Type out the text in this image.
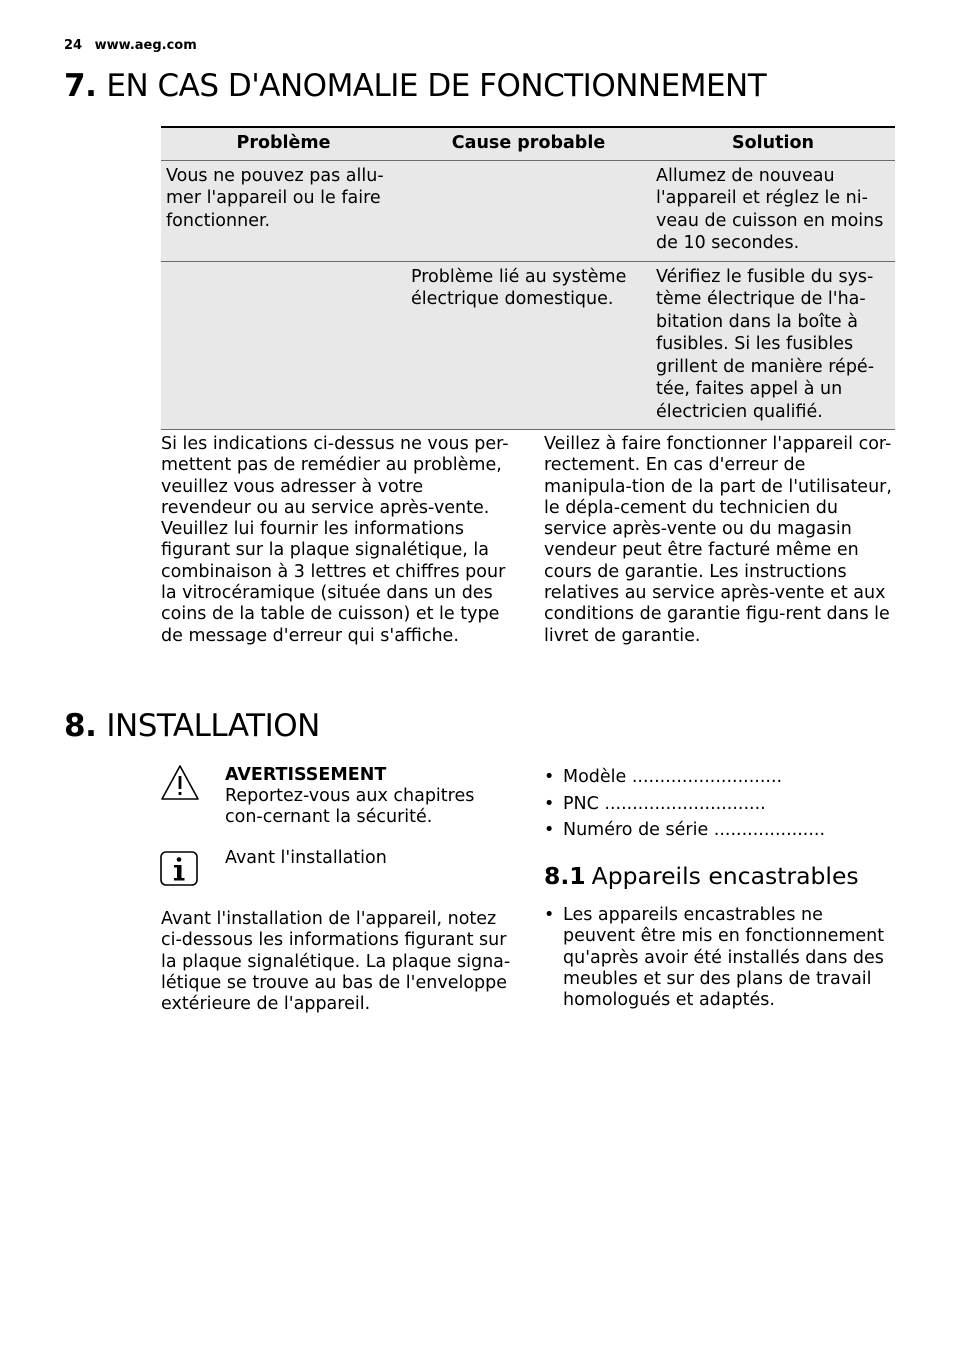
24 www.aeg.com
7. EN CAS D'ANOMALIE DE FONCTIONNEMENT
Problème	Cause probable	Solution
Vous ne pouvez pas allu-mer l'appareil ou le faire fonctionner.		Allumez de nouveau l'appareil et réglez le ni-veau de cuisson en moins de 10 secondes.
	Problème lié au système électrique domestique.	Vérifiez le fusible du sys-tème électrique de l'ha-bitation dans la boîte à fusibles. Si les fusibles grillent de manière répé-tée, faites appel à un électricien qualifié.
Si les indications ci-dessus ne vous per-mettent pas de remédier au problème, veuillez vous adresser à votre revendeur ou au service après-vente. Veuillez lui fournir les informations figurant sur la plaque signalétique, la combinaison à 3 lettres et chiffres pour la vitrocéramique (située dans un des coins de la table de cuisson) et le type de message d'erreur qui s'affiche.
Veillez à faire fonctionner l'appareil cor-rectement. En cas d'erreur de manipula-tion de la part de l'utilisateur, le dépla-cement du technicien du service après-vente ou du magasin vendeur peut être facturé même en cours de garantie. Les instructions relatives au service après-vente et aux conditions de garantie figu-rent dans le livret de garantie.
8. INSTALLATION
AVERTISSEMENT
Reportez-vous aux chapitres con-cernant la sécurité.
Avant l'installation
Avant l'installation de l'appareil, notez ci-dessous les informations figurant sur la plaque signalétique. La plaque signa-létique se trouve au bas de l'enveloppe extérieure de l'appareil.
• Modèle ...........................
• PNC .............................
• Numéro de série ....................
8.1 Appareils encastrables
• Les appareils encastrables ne peuvent être mis en fonctionnement qu'après avoir été installés dans des meubles et sur des plans de travail homologués et adaptés.
